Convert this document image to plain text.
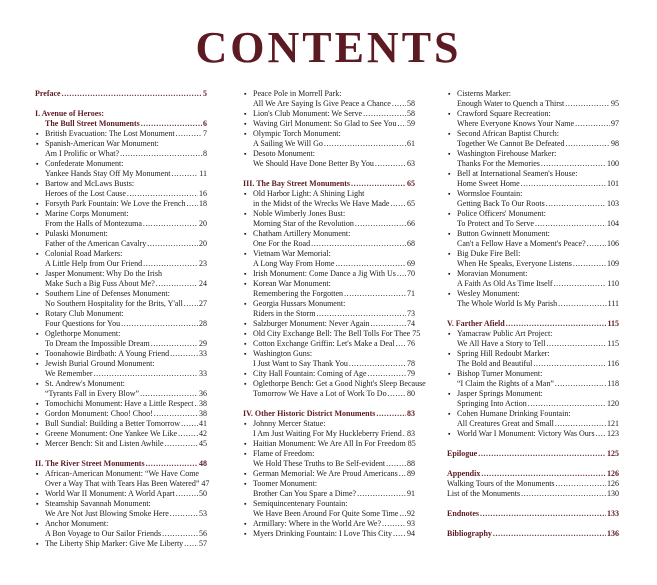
CONTENTS
Preface .....	5
I. Avenue of Heroes:
The Bull Street Monuments .....	6
▪ British Evacuation: The Lost Monument .....	7
▪ Spanish-American War Monument:
Am I Prolific or What? .....	8
▪ Confederate Monument:
Yankee Hands Stay Off My Monument .....	11
▪ Bartow and McLaws Busts:
Heroes of the Lost Cause .....	16
▪ Forsyth Park Fountain: We Love the French ..... 18
▪ Marine Corps Monument:
From the Halls of Montezuma .....	20
▪ Pulaski Monument:
Father of the American Cavalry .....	20
▪ Colonial Road Markers:
A Little Help from Our Friend .....	23
▪ Jasper Monument: Why Do the Irish
Make Such a Big Fuss About Me? .....	24
▪ Southern Line of Defenses Monument:
No Southern Hospitality for the Brits, Y'all ..... 27
▪ Rotary Club Monument:
Four Questions for You .....	28
▪ Oglethorpe Monument:
To Dream the Impossible Dream .....	29
▪ Toonahowie Birdbath: A Young Friend .....	33
▪ Jewish Burial Ground Monument:
We Remember .....	33
▪ St. Andrew's Monument:
“Tyrants Fall in Every Blow” .....	36
▪ Tomochichi Monument: Have a Little Respect ..... 38
▪ Gordon Monument: Choo! Choo! .....	38
▪ Bull Sundial: Building a Better Tomorrow ..... 41
▪ Greene Monument: One Yankee We Like .....	42
▪ Mercer Bench: Sit and Listen Awhile .....	45
II. The River Street Monuments .....	48
▪ African-American Monument: “We Have Come
Over a Way That with Tears Has Been Watered” 47
▪ World War II Monument: A World Apart .....	50
▪ Steamship Savannah Monument:
We Are Not Just Blowing Smoke Here .....	53
▪ Anchor Monument:
A Bon Voyage to Our Sailor Friends .....	56
▪ The Liberty Ship Marker: Give Me Liberty ..... 57
▪ Peace Pole in Morrell Park:
All We Are Saying Is Give Peace a Chance ..... 58
▪ Lion's Club Monument: We Serve .....	58
▪ Waving Girl Monument: So Glad to See You ..... 59
▪ Olympic Torch Monument:
A Sailing We Will Go .....	61
▪ Desoto Monument:
We Should Have Done Better By You .....	63
III. The Bay Street Monuments .....	65
▪ Old Harbor Light: A Shining Light
in the Midst of the Wrecks We Have Made ..... 65
▪ Noble Wimberly Jones Bust:
Morning Star of the Revolution .....	66
▪ Chatham Artillery Monument:
One For the Road .....	68
▪ Vietnam War Memorial:
A Long Way From Home .....	69
▪ Irish Monument: Come Dance a Jig With Us ..... 70
▪ Korean War Monument:
Remembering the Forgotten .....	71
▪ Georgia Hussars Monument:
Riders in the Storm .....	73
▪ Salzburger Monument: Never Again .....	74
▪ Old City Exchange Bell: The Bell Tolls For Thee 75
▪ Cotton Exchange Griffin: Let's Make a Deal ..... 76
▪ Washington Guns:
I Just Want to Say Thank You .....	78
▪ City Hall Fountain: Coming of Age .....	79
▪ Oglethorpe Bench: Get a Good Night's Sleep Because
Tomorrow We Have a Lot of Work To Do .....	80
IV. Other Historic District Monuments .....	83
▪ Johnny Mercer Statue:
I Am Just Waiting For My Huckleberry Friend ..... 83
▪ Haitian Monument: We Are All In For Freedom 85
▪ Flame of Freedom:
We Hold These Truths to Be Self-evident .....	88
▪ German Memorial: We Are Proud Americans ..... 89
▪ Toomer Monument:
Brother Can You Spare a Dime? .....	91
▪ Semiquincentenary Fountain:
We Have Been Around For Quite Some Time ..... 92
▪ Armillary: Where in the World Are We? .....	93
▪ Myers Drinking Fountain: I Love This City ..... 94
▪ Cisterns Marker:
Enough Water to Quench a Thirst .....	95
▪ Crawford Square Recreation:
Where Everyone Knows Your Name .....	97
▪ Second African Baptist Church:
Together We Cannot Be Defeated .....	98
▪ Washington Firehouse Marker:
Thanks For the Memories .....	100
▪ Bell at International Seamen's House:
Home Sweet Home .....	101
▪ Wormsloe Fountain:
Getting Back To Our Roots .....	103
▪ Police Officers' Monument:
To Protect and To Serve .....	104
▪ Button Gwinnett Monument:
Can't a Fellow Have a Moment's Peace? .....	106
▪ Big Duke Fire Bell:
When He Speaks, Everyone Listens .....	109
▪ Moravian Monument:
A Faith As Old As Time Itself .....	110
▪ Wesley Monument:
The Whole World Is My Parish .....	111
V. Farther Afield .....	115
▪ Yamacraw Public Art Project:
We All Have a Story to Tell .....	115
▪ Spring Hill Redoubt Marker:
The Bold and Beautiful .....	116
▪ Bishop Turner Monument:
“I Claim the Rights of a Man” .....	118
▪ Jasper Springs Monument:
Springing Into Action .....	120
▪ Cohen Humane Drinking Fountain:
All Creatures Great and Small .....	121
▪ World War I Monument: Victory Was Ours ..... 123
Epilogue .....	125
Appendix .....	126
Walking Tours of the Monuments .....	126
List of the Monuments .....	130
Endnotes .....	133
Bibliography .....	136
